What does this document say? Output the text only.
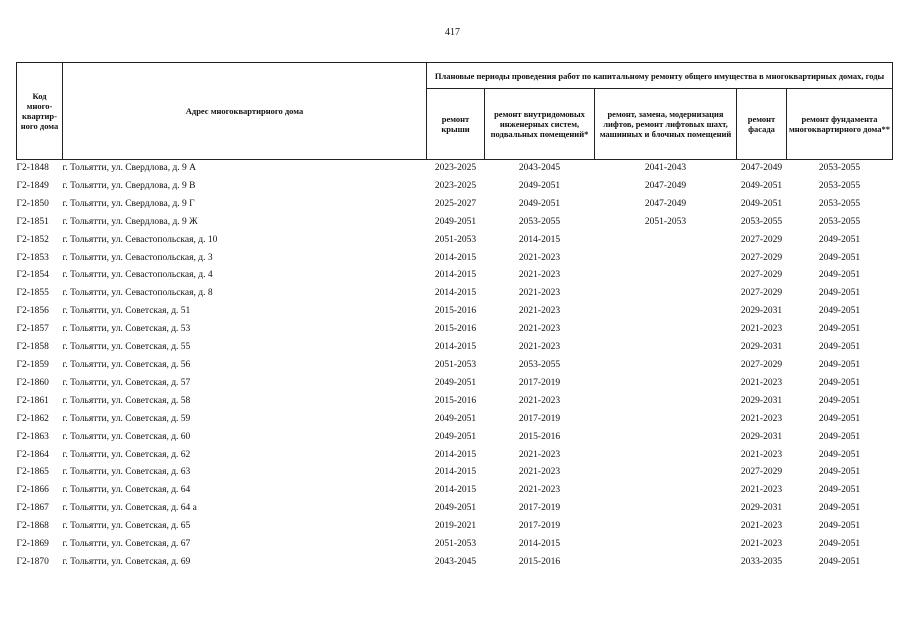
417
Код много-квартир-ного дома	Адрес многоквартирного дома	Плановые периоды проведения работ по капитальному ремонту общего имущества в многоквартирных домах, годы				
		ремонт крыши	ремонт внутридомовых инженерных систем, подвальных помещений*	ремонт, замена, модернизация лифтов, ремонт лифтовых шахт, машинных и блочных помещений	ремонт фасада	ремонт фундамента многоквартирного дома**
Г2-1848	г. Тольятти, ул. Свердлова, д. 9 А	2023-2025	2043-2045	2041-2043	2047-2049	2053-2055
Г2-1849	г. Тольятти, ул. Свердлова, д. 9 В	2023-2025	2049-2051	2047-2049	2049-2051	2053-2055
Г2-1850	г. Тольятти, ул. Свердлова, д. 9 Г	2025-2027	2049-2051	2047-2049	2049-2051	2053-2055
Г2-1851	г. Тольятти, ул. Свердлова, д. 9 Ж	2049-2051	2053-2055	2051-2053	2053-2055	2053-2055
Г2-1852	г. Тольятти, ул. Севастопольская, д. 10	2051-2053	2014-2015		2027-2029	2049-2051
Г2-1853	г. Тольятти, ул. Севастопольская, д. 3	2014-2015	2021-2023		2027-2029	2049-2051
Г2-1854	г. Тольятти, ул. Севастопольская, д. 4	2014-2015	2021-2023		2027-2029	2049-2051
Г2-1855	г. Тольятти, ул. Севастопольская, д. 8	2014-2015	2021-2023		2027-2029	2049-2051
Г2-1856	г. Тольятти, ул. Советская, д. 51	2015-2016	2021-2023		2029-2031	2049-2051
Г2-1857	г. Тольятти, ул. Советская, д. 53	2015-2016	2021-2023		2021-2023	2049-2051
Г2-1858	г. Тольятти, ул. Советская, д. 55	2014-2015	2021-2023		2029-2031	2049-2051
Г2-1859	г. Тольятти, ул. Советская, д. 56	2051-2053	2053-2055		2027-2029	2049-2051
Г2-1860	г. Тольятти, ул. Советская, д. 57	2049-2051	2017-2019		2021-2023	2049-2051
Г2-1861	г. Тольятти, ул. Советская, д. 58	2015-2016	2021-2023		2029-2031	2049-2051
Г2-1862	г. Тольятти, ул. Советская, д. 59	2049-2051	2017-2019		2021-2023	2049-2051
Г2-1863	г. Тольятти, ул. Советская, д. 60	2049-2051	2015-2016		2029-2031	2049-2051
Г2-1864	г. Тольятти, ул. Советская, д. 62	2014-2015	2021-2023		2021-2023	2049-2051
Г2-1865	г. Тольятти, ул. Советская, д. 63	2014-2015	2021-2023		2027-2029	2049-2051
Г2-1866	г. Тольятти, ул. Советская, д. 64	2014-2015	2021-2023		2021-2023	2049-2051
Г2-1867	г. Тольятти, ул. Советская, д. 64 а	2049-2051	2017-2019		2029-2031	2049-2051
Г2-1868	г. Тольятти, ул. Советская, д. 65	2019-2021	2017-2019		2021-2023	2049-2051
Г2-1869	г. Тольятти, ул. Советская, д. 67	2051-2053	2014-2015		2021-2023	2049-2051
Г2-1870	г. Тольятти, ул. Советская, д. 69	2043-2045	2015-2016		2033-2035	2049-2051
